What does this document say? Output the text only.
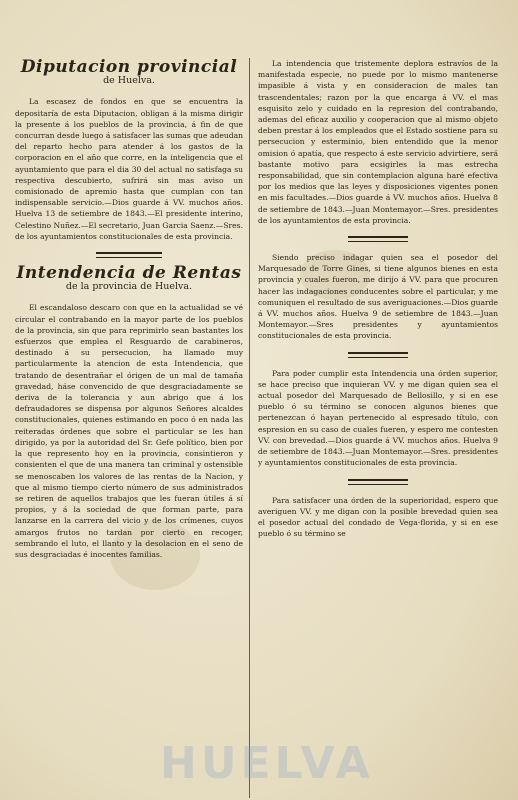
Diputacion provincial
de Huelva.

La escasez de fondos en que se encuentra la depositaría de esta Diputacion, obligan á la misma dirigir la presente á los pueblos de la provincia, á fin de que concurran desde luego á satisfacer las sumas que adeudan del reparto hecho para atender á los gastos de la corporacion en el año que corre, en la inteligencia que el ayuntamiento que para el dia 30 del actual no satisfaga su respectiva descubierto, sufrirá sin mas aviso un comisionado de apremio hasta que cumplan con tan indispensable servicio.—Dios guarde á VV. muchos años. Huelva 13 de setiembre de 1843.—El presidente interino, Celestino Nuñez.—El secretario, Juan Garcia Saenz.—Sres. de los ayuntamientos constitucionales de esta provincia.

Intendencia de Rentas
de la provincia de Huelva.

El escandaloso descaro con que en la actualidad se vé circular el contrabando en la mayor parte de los pueblos de la provincia, sin que para reprimirlo sean bastantes los esfuerzos que emplea el Resguardo de carabineros, destinado á su persecucion, ha llamado muy particularmente la atencion de esta Intendencia, que tratando de desentrañar el órigen de un mal de tamaña gravedad, háse convencido de que desgraciadamente se deriva de la tolerancia y aun abrigo que á los defraudadores se dispensa por algunos Señores alcaldes constitucionales, quienes estimando en poco ó en nada las reiteradas órdenes que sobre el particular se les han dirigido, ya por la autoridad del Sr. Gefe político, bien por la que represento hoy en la provincia, consintieron y consienten el que de una manera tan criminal y ostensible se menoscaben los valores de las rentas de la Nacion, y que al mismo tiempo cierto número de sus administrados se retiren de aquellos trabajos que les fueran útiles á sí propios, y á la sociedad de que forman parte, para lanzarse en la carrera del vicio y de los crímenes, cuyos amargos frutos no tardan por cierto en recoger, sembrando el luto, el llanto y la desolacion en el seno de sus desgraciadas é inocentes familias.

La intendencia que tristemente deplora estravíos de la manifestada especie, no puede por lo mismo mantenerse impasible á vista y en consideracion de males tan trascendentales; razon por la que encarga á VV. el mas esquisito zelo y cuidado en la represion del contrabando, ademas del eficaz auxilio y cooperacion que al mismo objeto deben prestar á los empleados que el Estado sostiene para su persecucion y esterminio, bien entendido que la menor omision ó apatía, que respecto á este servicio advirtiere, será bastante motivo para ecsigirles la mas estrecha responsabilidad, que sin contemplacion alguna haré efectiva por los medios que las leyes y disposiciones vigentes ponen en mis facultades.—Dios guarde á VV. muchos años. Huelva 8 de setiembre de 1843.—Juan Montemayor.—Sres. presidentes de los ayuntamientos de esta provincia.

Siendo preciso indagar quien sea el posedor del Marquesado de Torre Gines, si tiene algunos bienes en esta provincia y cuales fueron, me dirijo á VV. para que procuren hacer las indagaciones conducentes sobre el particular, y me comuniquen el resultado de sus averiguaciones.—Dios guarde á VV. muchos años. Huelva 9 de setiembre de 1843.—Juan Montemayor.—Sres presidentes y ayuntamientos constitucionales de esta provincia.

Para poder cumplir esta Intendencia una órden superior, se hace preciso que inquieran VV. y me digan quien sea el actual posedor del Marquesado de Bellosillo, y si en ese pueblo ó su término se conocen algunos bienes que pertenezcan ó hayan pertenecido al espresado título, con espresion en su caso de cuales fueren, y espero me contesten VV. con brevedad.—Dios guarde á VV. muchos años. Huelva 9 de setiembre de 1843.—Juan Montemayor.—Sres. presidentes y ayuntamientos constitucionales de esta provincia.

Para satisfacer una órden de la superioridad, espero que averiguen VV. y me digan con la posible brevedad quien sea el posedor actual del condado de Vega-florida, y si en ese pueblo ó su término se

HUELVA
